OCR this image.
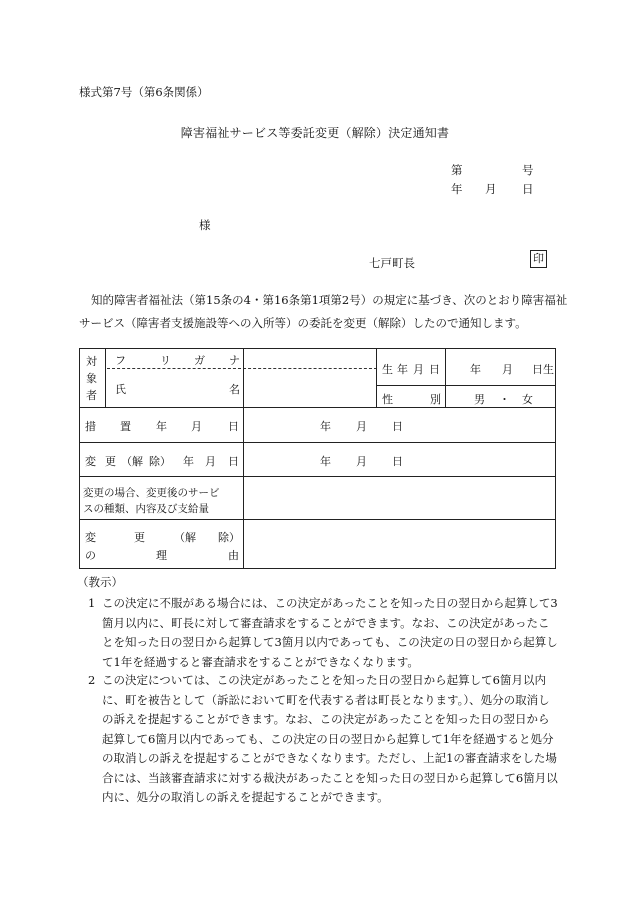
様式第7号（第6条関係）
障害福祉サービス等委託変更（解除）決定通知書
第	号
年 月 日
様
七戸町長	印

知的障害者福祉法（第15条の4・第16条第1項第2号）の規定に基づき、次のとおり障害福祉サービス（障害者支援施設等への入所等）の委託を変更（解除）したので通知します。

対
象
者
フ	リ ガ ナ
氏	名
生 年 月 日	年 月 日生
性	別	男 ・ 女
措 置 年 月 日	年 月 日
変 更 （解 除） 年 月 日	年 月 日
変更の場合、変更後のサービ
スの種類、内容及び支給量
変	更	（解 除）
の	理	由
（教示）
1 この決定に不服がある場合には、この決定があったことを知った日の翌日から起算して3箇月以内に、町長に対して審査請求をすることができます。なお、この決定があったことを知った日の翌日から起算して3箇月以内であっても、この決定の日の翌日から起算して1年を経過すると審査請求をすることができなくなります。
2 この決定については、この決定があったことを知った日の翌日から起算して6箇月以内に、町を被告として（訴訟において町を代表する者は町長となります。）、処分の取消しの訴えを提起することができます。なお、この決定があったことを知った日の翌日から起算して6箇月以内であっても、この決定の日の翌日から起算して1年を経過すると処分の取消しの訴えを提起することができなくなります。ただし、上記1の審査請求をした場合には、当該審査請求に対する裁決があったことを知った日の翌日から起算して6箇月以内に、処分の取消しの訴えを提起することができます。
